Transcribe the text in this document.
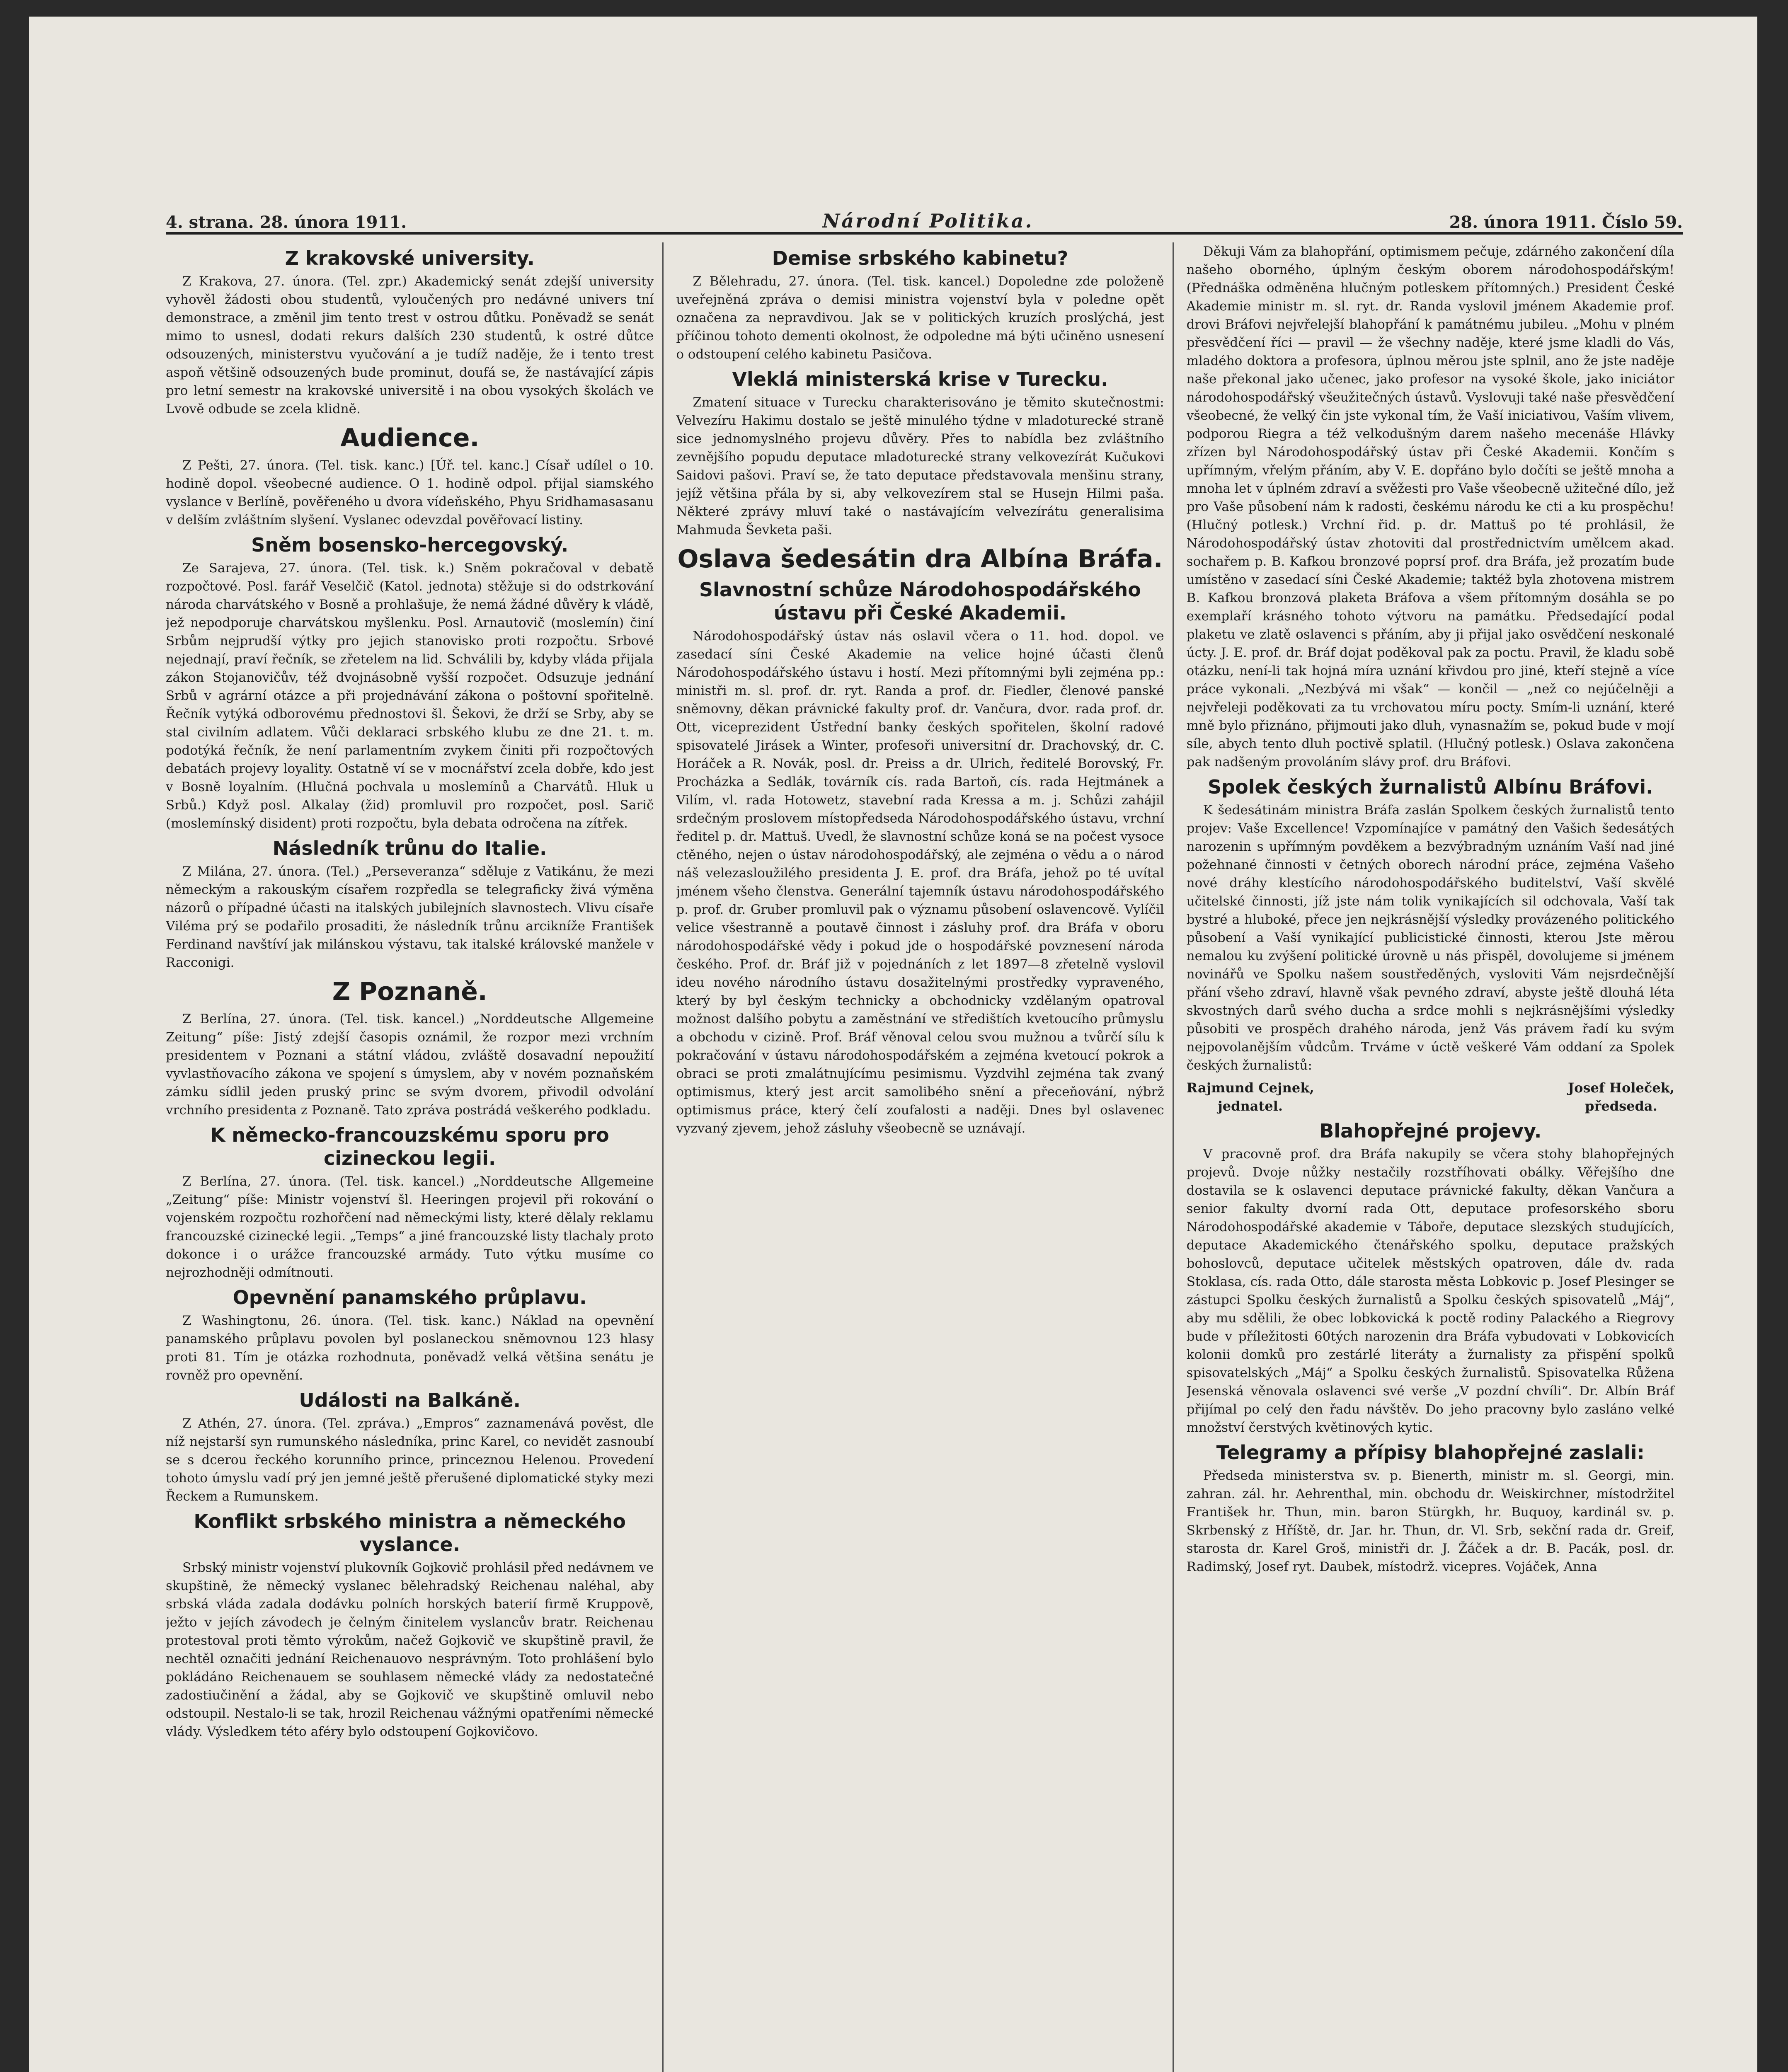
4. strana. 28. února 1911.	Národní Politika.	28. února 1911. Číslo 59.
Z krakovské university.

Z Krakova, 27. února. (Tel. zpr.) Akademický senát zdejší university vyhověl žádosti obou studentů, vyloučených pro nedávné univers tní demonstrace, a změnil jim tento trest v ostrou důtku. Poněvadž se senát mimo to usnesl, dodati rekurs dalších 230 studentů, k ostré důtce odsouzených, ministerstvu vyučování a je tudíž naděje, že i tento trest aspoň většině odsouzených bude prominut, doufá se, že nastávající zápis pro letní semestr na krakovské universitě i na obou vysokých školách ve Lvově odbude se zcela klidně.

Audience.

Z Pešti, 27. února. (Tel. tisk. kanc.) [Úř. tel. kanc.] Císař udílel o 10. hodině dopol. všeobecné audience. O 1. hodině odpol. přijal siamského vyslance v Berlíně, pověřeného u dvora vídeňského, Phyu Sridhamasasanu v delším zvláštním slyšení. Vyslanec odevzdal pověřovací listiny.

Sněm bosensko-hercegovský.

Ze Sarajeva, 27. února. (Tel. tisk. k.) Sněm pokračoval v debatě rozpočtové. Posl. farář Veselčič (Katol. jednota) stěžuje si do odstrkování národa charvátského v Bosně a prohlašuje, že nemá žádné důvěry k vládě, jež nepodporuje charvátskou myšlenku. Posl. Arnautovič (moslemín) činí Srbům nejprudší výtky pro jejich stanovisko proti rozpočtu. Srbové nejednají, praví řečník, se zřetelem na lid. Schválili by, kdyby vláda přijala zákon Stojanovičův, též dvojnásobně vyšší rozpočet. Odsuzuje jednání Srbů v agrární otázce a při projednávání zákona o poštovní spořitelně. Řečník vytýká odborovému přednostovi šl. Šekovi, že drží se Srby, aby se stal civilním adlatem. Vůči deklaraci srbského klubu ze dne 21. t. m. podotýká řečník, že není parlamentním zvykem činiti při rozpočtových debatách projevy loyality. Ostatně ví se v mocnářství zcela dobře, kdo jest v Bosně loyalním. (Hlučná pochvala u moslemínů a Charvátů. Hluk u Srbů.) Když posl. Alkalay (žid) promluvil pro rozpočet, posl. Sarič (moslemínský disident) proti rozpočtu, byla debata odročena na zítřek.

Následník trůnu do Italie.

Z Milána, 27. února. (Tel.) „Perseveranza“ sděluje z Vatikánu, že mezi německým a rakouským císařem rozpředla se telegraficky živá výměna názorů o případné účasti na italských jubilejních slavnostech. Vlivu císaře Viléma prý se podařilo prosaditi, že následník trůnu arcikníže František Ferdinand navštíví jak milánskou výstavu, tak italské královské manžele v Racconigi.

Z Poznaně.

Z Berlína, 27. února. (Tel. tisk. kancel.) „Norddeutsche Allgemeine Zeitung“ píše: Jistý zdejší časopis oznámil, že rozpor mezi vrchním presidentem v Poznani a státní vládou, zvláště dosavadní nepoužití vyvlastňovacího zákona ve spojení s úmyslem, aby v novém poznaňském zámku sídlil jeden pruský princ se svým dvorem, přivodil odvolání vrchního presidenta z Poznaně. Tato zpráva postrádá veškerého podkladu.

K německo-francouzskému sporu pro cizineckou legii.

Z Berlína, 27. února. (Tel. tisk. kancel.) „Norddeutsche Allgemeine „Zeitung“ píše: Ministr vojenství šl. Heeringen projevil při rokování o vojenském rozpočtu rozhořčení nad německými listy, které dělaly reklamu francouzské cizinecké legii. „Temps“ a jiné francouzské listy tlachaly proto dokonce i o urážce francouzské armády. Tuto výtku musíme co nejrozhodněji odmítnouti.

Opevnění panamského průplavu.

Z Washingtonu, 26. února. (Tel. tisk. kanc.) Náklad na opevnění panamského průplavu povolen byl poslaneckou sněmovnou 123 hlasy proti 81. Tím je otázka rozhodnuta, poněvadž velká většina senátu je rovněž pro opevnění.

Události na Balkáně.

Z Athén, 27. února. (Tel. zpráva.) „Empros“ zaznamenává pověst, dle níž nejstarší syn rumunského následníka, princ Karel, co nevidět zasnoubí se s dcerou řeckého korunního prince, princeznou Helenou. Provedení tohoto úmyslu vadí prý jen jemné ještě přerušené diplomatické styky mezi Řeckem a Rumunskem.

Konflikt srbského ministra a německého vyslance.

Srbský ministr vojenství plukovník Gojkovič prohlásil před nedávnem ve skupštině, že německý vyslanec bělehradský Reichenau naléhal, aby srbská vláda zadala dodávku polních horských baterií firmě Kruppově, ježto v jejích závodech je čelným činitelem vyslancův bratr. Reichenau protestoval proti těmto výrokům, načež Gojkovič ve skupštině pravil, že nechtěl označiti jednání Reichenauovo nesprávným. Toto prohlášení bylo pokládáno Reichenauem se souhlasem německé vlády za nedostatečné zadostiučinění a žádal, aby se Gojkovič ve skupštině omluvil nebo odstoupil. Nestalo-li se tak, hrozil Reichenau vážnými opatřeními německé vlády. Výsledkem této aféry bylo odstoupení Gojkovičovo.

Demise srbského kabinetu?

Z Bělehradu, 27. února. (Tel. tisk. kancel.) Dopoledne zde položeně uveřejněná zpráva o demisi ministra vojenství byla v poledne opět označena za nepravdivou. Jak se v politických kruzích proslýchá, jest příčinou tohoto dementi okolnost, že odpoledne má býti učiněno usnesení o odstoupení celého kabinetu Pasičova.

Vleklá ministerská krise v Turecku.

Zmatení situace v Turecku charakterisováno je těmito skutečnostmi: Velvezíru Hakimu dostalo se ještě minulého týdne v mladoturecké straně sice jednomyslného projevu důvěry. Přes to nabídla bez zvláštního zevnějšího popudu deputace mladoturecké strany velkovezírát Kučukovi Saidovi pašovi. Praví se, že tato deputace představovala menšinu strany, jejíž většina přála by si, aby velkovezírem stal se Husejn Hilmi paša. Některé zprávy mluví také o nastávajícím velvezírátu generalisima Mahmuda Ševketa paši.

Oslava šedesátin dra Albína Bráfa.
Slavnostní schůze Národohospodářského ústavu při České Akademii.

Národohospodářský ústav nás oslavil včera o 11. hod. dopol. ve zasedací síni České Akademie na velice hojné účasti členů Národohospodářského ústavu i hostí. Mezi přítomnými byli zejména pp.: ministři m. sl. prof. dr. ryt. Randa a prof. dr. Fiedler, členové panské sněmovny, děkan právnické fakulty prof. dr. Vančura, dvor. rada prof. dr. Ott, viceprezident Ústřední banky českých spořitelen, školní radové spisovatelé Jirásek a Winter, profesoři universitní dr. Drachovský, dr. C. Horáček a R. Novák, posl. dr. Preiss a dr. Ulrich, ředitelé Borovský, Fr. Procházka a Sedlák, továrník cís. rada Bartoň, cís. rada Hejtmánek a Vilím, vl. rada Hotowetz, stavební rada Kressa a m. j. Schůzi zahájil srdečným proslovem místopředseda Národohospodářského ústavu, vrchní ředitel p. dr. Mattuš. Uvedl, že slavnostní schůze koná se na počest vysoce ctěného, nejen o ústav národohospodářský, ale zejména o vědu a o národ náš velezasloužilého presidenta J. E. prof. dra Bráfa, jehož po té uvítal jménem všeho členstva. Generální tajemník ústavu národohospodářského p. prof. dr. Gruber promluvil pak o významu působení oslavencově. Vylíčil velice všestranně a poutavě činnost i zásluhy prof. dra Bráfa v oboru národohospodářské vědy i pokud jde o hospodářské povznesení národa českého. Prof. dr. Bráf již v pojednáních z let 1897—8 zřetelně vyslovil ideu nového národního ústavu dosažitelnými prostředky vypraveného, který by byl českým technicky a obchodnicky vzdělaným opatroval možnost dalšího pobytu a zaměstnání ve středištích kvetoucího průmyslu a obchodu v cizině. Prof. Bráf věnoval celou svou mužnou a tvůrčí sílu k pokračování v ústavu národohospodářském a zejména kvetoucí pokrok a obraci se proti zmalátnujícímu pesimismu. Vyzdvihl zejména tak zvaný optimismus, který jest arcit samolibého snění a přeceňování, nýbrž optimismus práce, který čelí zoufalosti a naději. Dnes byl oslavenec vyzvaný zjevem, jehož zásluhy všeobecně se uznávají.

Děkuji Vám za blahopřání, optimismem pečuje, zdárného zakončení díla našeho oborného, úplným českým oborem národohospodářským! (Přednáška odměněna hlučným potleskem přítomných.) President České Akademie ministr m. sl. ryt. dr. Randa vyslovil jménem Akademie prof. drovi Bráfovi nejvřelejší blahopřání k památnému jubileu. „Mohu v plném přesvědčení říci — pravil — že všechny naděje, které jsme kladli do Vás, mladého doktora a profesora, úplnou měrou jste splnil, ano že jste naděje naše překonal jako učenec, jako profesor na vysoké škole, jako iniciátor národohospodářský všeužitečných ústavů. Vyslovuji také naše přesvědčení všeobecné, že velký čin jste vykonal tím, že Vaší iniciativou, Vaším vlivem, podporou Riegra a též velkodušným darem našeho mecenáše Hlávky zřízen byl Národohospodářský ústav při České Akademii. Končím s upřímným, vřelým přáním, aby V. E. dopřáno bylo dočíti se ještě mnoha a mnoha let v úplném zdraví a svěžesti pro Vaše všeobecně užitečné dílo, jež pro Vaše působení nám k radosti, českému národu ke cti a ku prospěchu! (Hlučný potlesk.) Vrchní řid. p. dr. Mattuš po té prohlásil, že Národohospodářský ústav zhotoviti dal prostřednictvím umělcem akad. sochařem p. B. Kafkou bronzové poprsí prof. dra Bráfa, jež prozatím bude umístěno v zasedací síni České Akademie; taktéž byla zhotovena mistrem B. Kafkou bronzová plaketa Bráfova a všem přítomným dosáhla se po exemplaří krásného tohoto výtvoru na památku. Předsedající podal plaketu ve zlatě oslavenci s přáním, aby ji přijal jako osvědčení neskonalé úcty. J. E. prof. dr. Bráf dojat poděkoval pak za poctu. Pravil, že kladu sobě otázku, není-li tak hojná míra uznání křivdou pro jiné, kteří stejně a více práce vykonali. „Nezbývá mi však“ — končil — „než co nejúčelněji a nejvřeleji poděkovati za tu vrchovatou míru pocty. Smím-li uznání, které mně bylo přiznáno, přijmouti jako dluh, vynasnažím se, pokud bude v mojí síle, abych tento dluh poctivě splatil. (Hlučný potlesk.) Oslava zakončena pak nadšeným provoláním slávy prof. dru Bráfovi.

Spolek českých žurnalistů Albínu Bráfovi.

K šedesátinám ministra Bráfa zaslán Spolkem českých žurnalistů tento projev: Vaše Excellence! Vzpomínajíce v památný den Vašich šedesátých narozenin s upřímným povděkem a bezvýbradným uznáním Vaší nad jiné požehnané činnosti v četných oborech národní práce, zejména Vašeho nové dráhy klestícího národohospodářského buditelství, Vaší skvělé učitelské činnosti, jíž jste nám tolik vynikajících sil odchovala, Vaší tak bystré a hluboké, přece jen nejkrásnější výsledky provázeného politického působení a Vaší vynikající publicistické činnosti, kterou Jste měrou nemalou ku zvýšení politické úrovně u nás přispěl, dovolujeme si jménem novinářů ve Spolku našem soustředěných, vysloviti Vám nejsrdečnější přání všeho zdraví, hlavně však pevného zdraví, abyste ještě dlouhá léta skvostných darů svého ducha a srdce mohli s nejkrásnějšími výsledky působiti ve prospěch drahého národa, jenž Vás právem řadí ku svým nejpovolanějším vůdcům. Trváme v úctě veškeré Vám oddaní za Spolek českých žurnalistů:

Rajmund Cejnek,
jednatel.
Josef Holeček,
předseda.
Blahopřejné projevy.

V pracovně prof. dra Bráfa nakupily se včera stohy blahopřejných projevů. Dvoje nůžky nestačily rozstříhovati obálky. Věřejšího dne dostavila se k oslavenci deputace právnické fakulty, děkan Vančura a senior fakulty dvorní rada Ott, deputace profesorského sboru Národohospodářské akademie v Táboře, deputace slezských studujících, deputace Akademického čtenářského spolku, deputace pražských bohoslovců, deputace učitelek městských opatroven, dále dv. rada Stoklasa, cís. rada Otto, dále starosta města Lobkovic p. Josef Plesinger se zástupci Spolku českých žurnalistů a Spolku českých spisovatelů „Máj“, aby mu sdělili, že obec lobkovická k poctě rodiny Palackého a Riegrovy bude v příležitosti 60tých narozenin dra Bráfa vybudovati v Lobkovicích kolonii domků pro zestárlé literáty a žurnalisty za přispění spolků spisovatelských „Máj“ a Spolku českých žurnalistů. Spisovatelka Růžena Jesenská věnovala oslavenci své verše „V pozdní chvíli“. Dr. Albín Bráf přijímal po celý den řadu návštěv. Do jeho pracovny bylo zasláno velké množství čerstvých květinových kytic.

Telegramy a přípisy blahopřejné zaslali:

Předseda ministerstva sv. p. Bienerth, ministr m. sl. Georgi, min. zahran. zál. hr. Aehrenthal, min. obchodu dr. Weiskirchner, místodržitel František hr. Thun, min. baron Stürgkh, hr. Buquoy, kardinál sv. p. Skrbenský z Hříště, dr. Jar. hr. Thun, dr. Vl. Srb, sekční rada dr. Greif, starosta dr. Karel Groš, ministři dr. J. Žáček a dr. B. Pacák, posl. dr. Radimský, Josef ryt. Daubek, místodrž. vicepres. Vojáček, Anna
